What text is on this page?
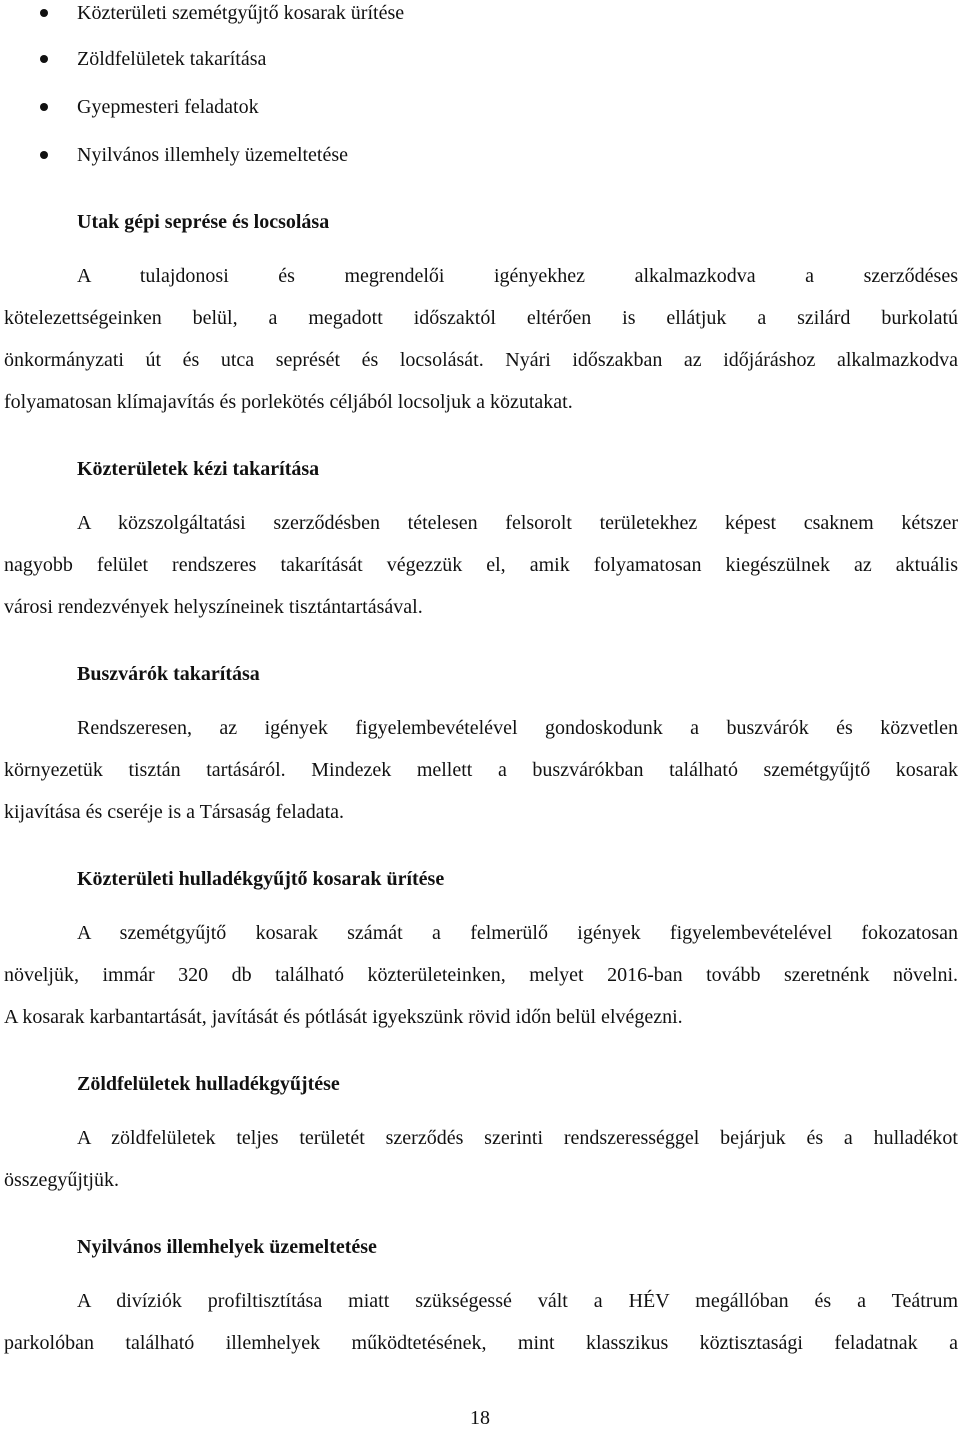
Közterületi szemétgyűjtő kosarak ürítése
Zöldfelületek takarítása
Gyepmesteri feladatok
Nyilvános illemhely üzemeltetése
Utak gépi seprése és locsolása
A tulajdonosi és megrendelői igényekhez alkalmazkodva a szerződéses
kötelezettségeinken belül, a megadott időszaktól eltérően is ellátjuk a szilárd burkolatú
önkormányzati út és utca seprését és locsolását. Nyári időszakban az időjáráshoz alkalmazkodva
folyamatosan klímajavítás és porlekötés céljából locsoljuk a közutakat.
Közterületek kézi takarítása
A közszolgáltatási szerződésben tételesen felsorolt területekhez képest csaknem kétszer
nagyobb felület rendszeres takarítását végezzük el, amik folyamatosan kiegészülnek az aktuális
városi rendezvények helyszíneinek tisztántartásával.
Buszvárók takarítása
Rendszeresen, az igények figyelembevételével gondoskodunk a buszvárók és közvetlen
környezetük tisztán tartásáról. Mindezek mellett a buszvárókban található szemétgyűjtő kosarak
kijavítása és cseréje is a Társaság feladata.
Közterületi hulladékgyűjtő kosarak ürítése
A szemétgyűjtő kosarak számát a felmerülő igények figyelembevételével fokozatosan
növeljük, immár 320 db található közterületeinken, melyet 2016-ban tovább szeretnénk növelni.
A kosarak karbantartását, javítását és pótlását igyekszünk rövid időn belül elvégezni.
Zöldfelületek hulladékgyűjtése
A zöldfelületek teljes területét szerződés szerinti rendszerességgel bejárjuk és a hulladékot
összegyűjtjük.
Nyilvános illemhelyek üzemeltetése
A divíziók profiltisztítása miatt szükségessé vált a HÉV megállóban és a Teátrum
parkolóban található illemhelyek működtetésének, mint klasszikus köztisztasági feladatnak a
18
